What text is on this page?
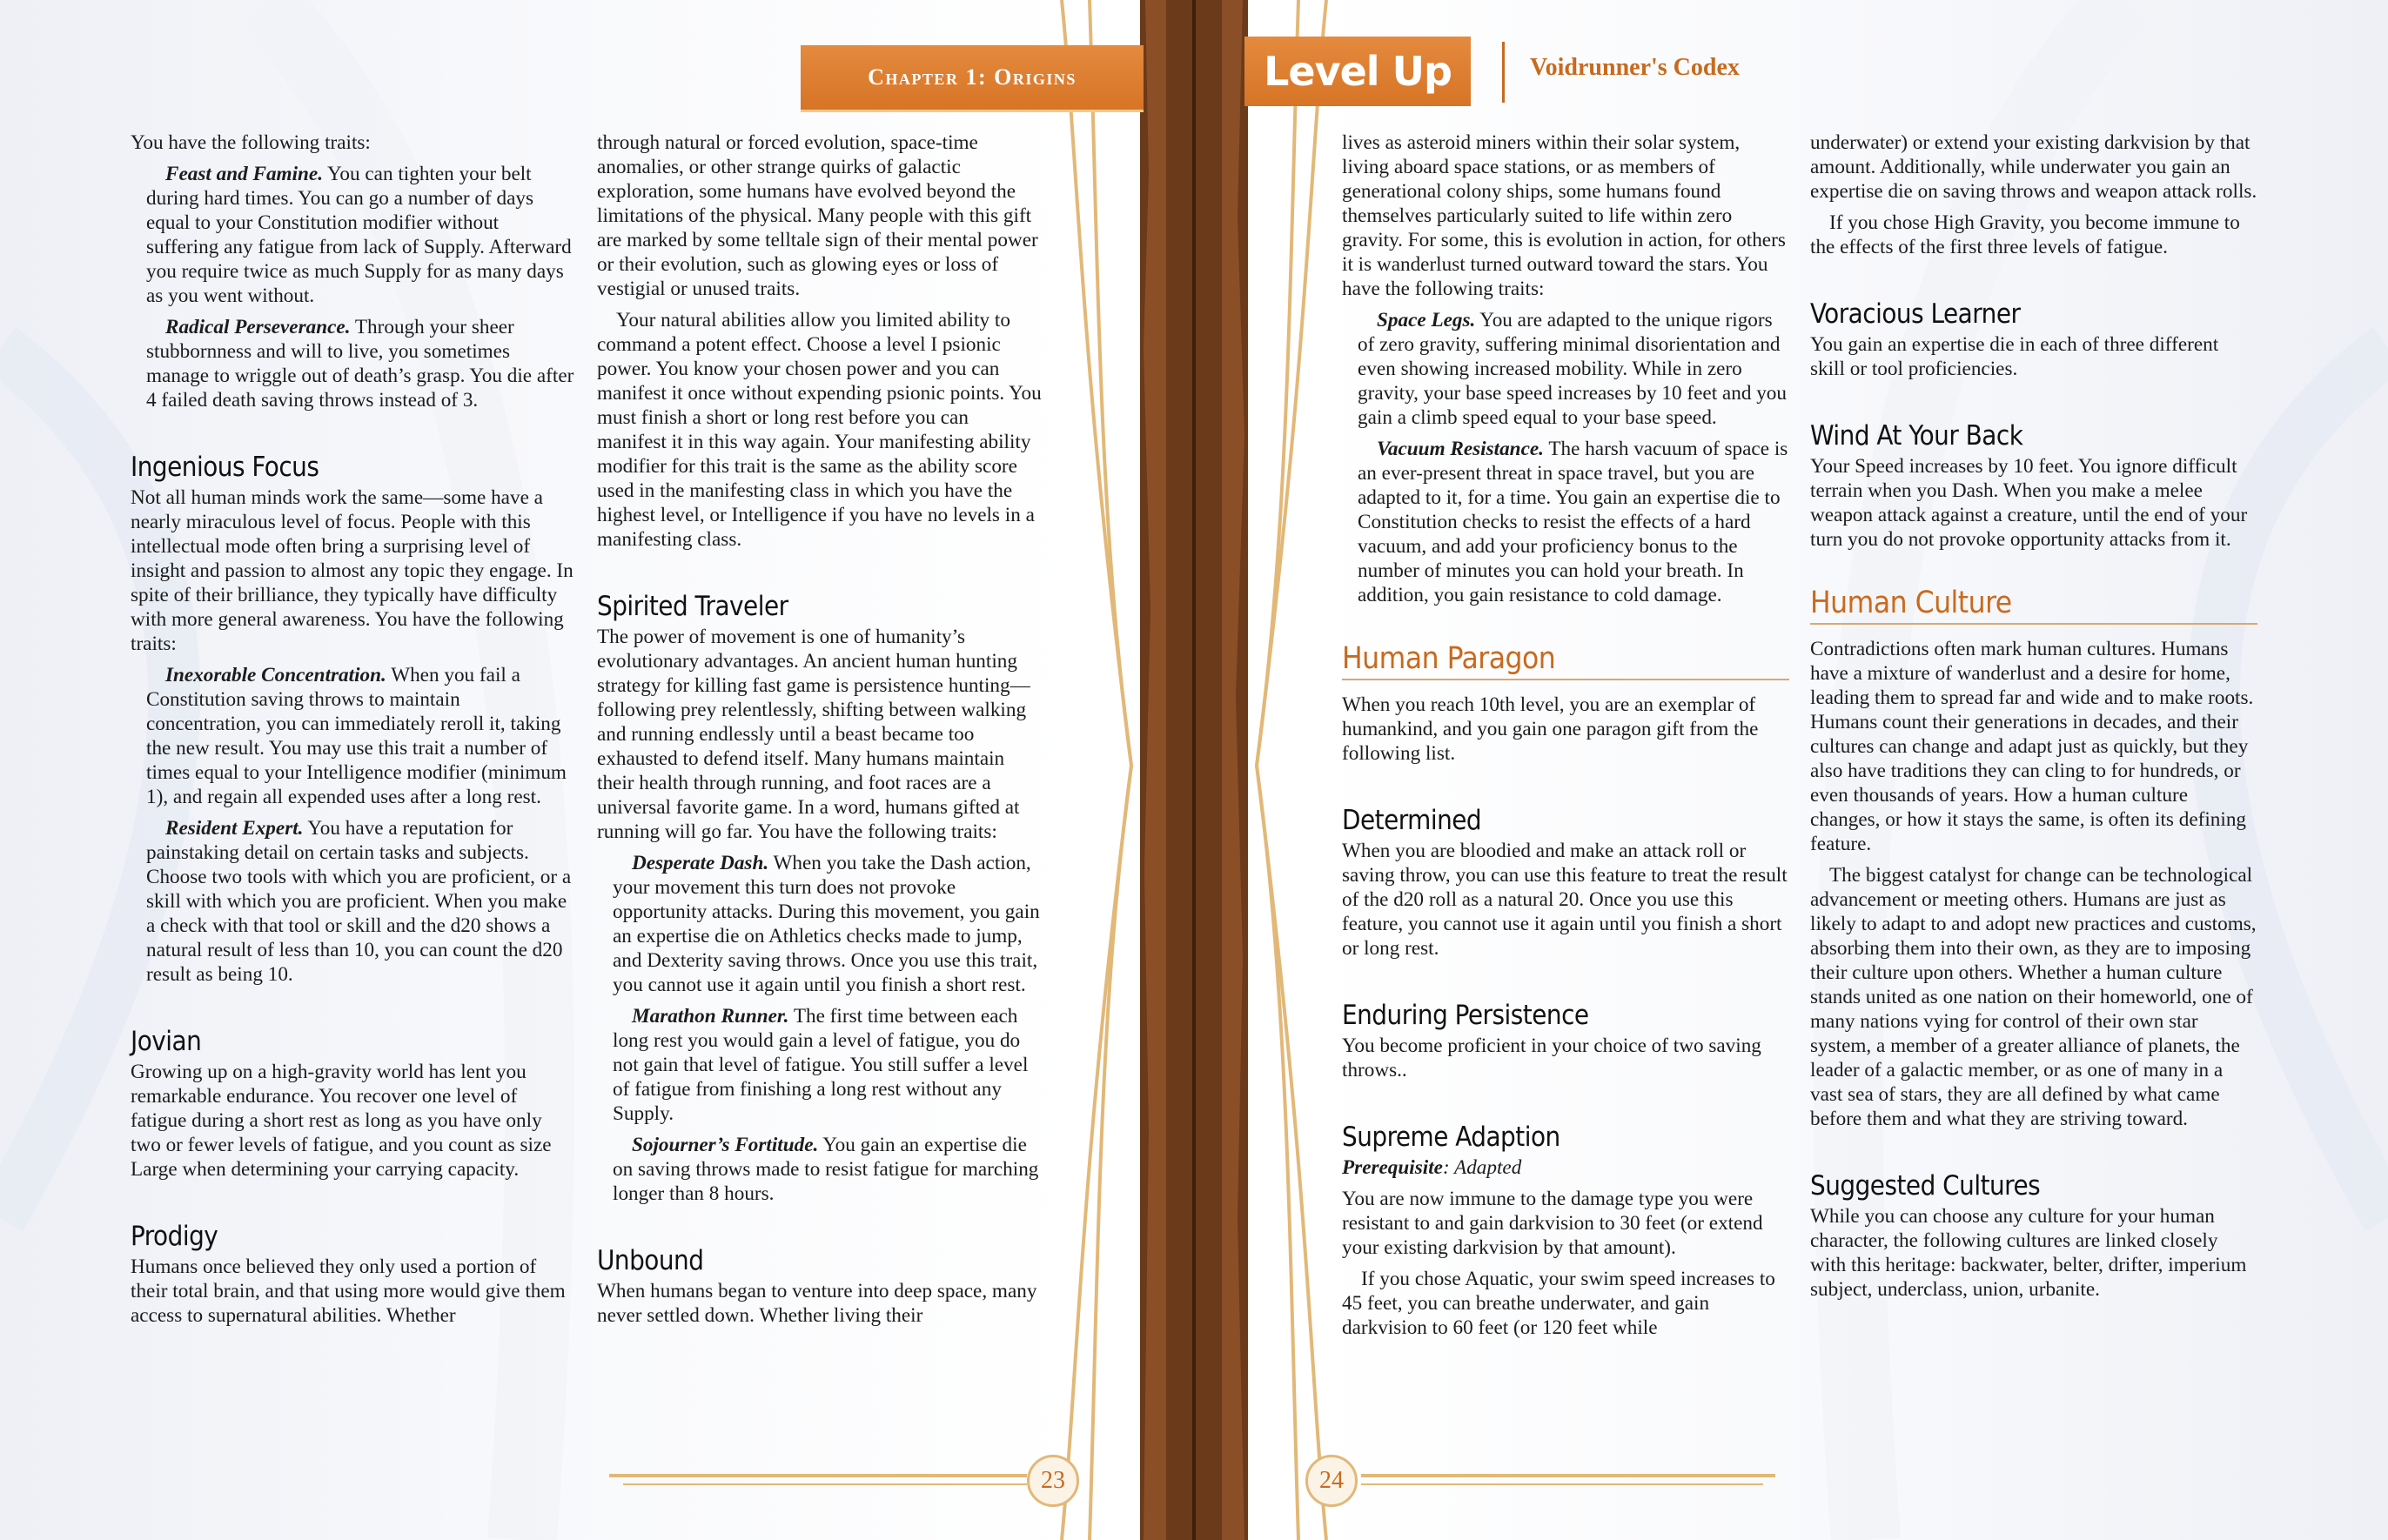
Chapter 1: Origins	Level Up	Voidrunner's Codex

You have the following traits:

Feast and Famine. You can tighten your belt during hard times. You can go a number of days equal to your Constitution modifier without suffering any fatigue from lack of Supply. Afterward you require twice as much Supply for as many days as you went without.

Radical Perseverance. Through your sheer stubbornness and will to live, you sometimes manage to wriggle out of death’s grasp. You die after 4 failed death saving throws instead of 3.

Ingenious Focus

Not all human minds work the same—some have a nearly miraculous level of focus. People with this intellectual mode often bring a surprising level of insight and passion to almost any topic they engage. In spite of their brilliance, they typically have difficulty with more general awareness. You have the following traits:

Inexorable Concentration. When you fail a Constitution saving throws to maintain concentration, you can immediately reroll it, taking the new result. You may use this trait a number of times equal to your Intelligence modifier (minimum 1), and regain all expended uses after a long rest.

Resident Expert. You have a reputation for painstaking detail on certain tasks and subjects. Choose two tools with which you are proficient, or a skill with which you are proficient. When you make a check with that tool or skill and the d20 shows a natural result of less than 10, you can count the d20 result as being 10.

Jovian

Growing up on a high-gravity world has lent you remarkable endurance. You recover one level of fatigue during a short rest as long as you have only two or fewer levels of fatigue, and you count as size Large when determining your carrying capacity.

Prodigy

Humans once believed they only used a portion of their total brain, and that using more would give them access to supernatural abilities. Whether

through natural or forced evolution, space-time anomalies, or other strange quirks of galactic exploration, some humans have evolved beyond the limitations of the physical. Many people with this gift are marked by some telltale sign of their mental power or their evolution, such as glowing eyes or loss of vestigial or unused traits.

Your natural abilities allow you limited ability to command a potent effect. Choose a level I psionic power. You know your chosen power and you can manifest it once without expending psionic points. You must finish a short or long rest before you can manifest it in this way again. Your manifesting ability modifier for this trait is the same as the ability score used in the manifesting class in which you have the highest level, or Intelligence if you have no levels in a manifesting class.

Spirited Traveler

The power of movement is one of humanity’s evolutionary advantages. An ancient human hunting strategy for killing fast game is persistence hunting—following prey relentlessly, shifting between walking and running endlessly until a beast became too exhausted to defend itself. Many humans maintain their health through running, and foot races are a universal favorite game. In a word, humans gifted at running will go far. You have the following traits:

Desperate Dash. When you take the Dash action, your movement this turn does not provoke opportunity attacks. During this movement, you gain an expertise die on Athletics checks made to jump, and Dexterity saving throws. Once you use this trait, you cannot use it again until you finish a short rest.

Marathon Runner. The first time between each long rest you would gain a level of fatigue, you do not gain that level of fatigue. You still suffer a level of fatigue from finishing a long rest without any Supply.

Sojourner’s Fortitude. You gain an expertise die on saving throws made to resist fatigue for marching longer than 8 hours.

Unbound

When humans began to venture into deep space, many never settled down. Whether living their

lives as asteroid miners within their solar system, living aboard space stations, or as members of generational colony ships, some humans found themselves particularly suited to life within zero gravity. For some, this is evolution in action, for others it is wanderlust turned outward toward the stars. You have the following traits:

Space Legs. You are adapted to the unique rigors of zero gravity, suffering minimal disorientation and even showing increased mobility. While in zero gravity, your base speed increases by 10 feet and you gain a climb speed equal to your base speed.

Vacuum Resistance. The harsh vacuum of space is an ever-present threat in space travel, but you are adapted to it, for a time. You gain an expertise die to Constitution checks to resist the effects of a hard vacuum, and add your proficiency bonus to the number of minutes you can hold your breath. In addition, you gain resistance to cold damage.

Human Paragon

When you reach 10th level, you are an exemplar of humankind, and you gain one paragon gift from the following list.

Determined

When you are bloodied and make an attack roll or saving throw, you can use this feature to treat the result of the d20 roll as a natural 20. Once you use this feature, you cannot use it again until you finish a short or long rest.

Enduring Persistence

You become proficient in your choice of two saving throws..

Supreme Adaption

Prerequisite: Adapted

You are now immune to the damage type you were resistant to and gain darkvision to 30 feet (or extend your existing darkvision by that amount).

If you chose Aquatic, your swim speed increases to 45 feet, you can breathe underwater, and gain darkvision to 60 feet (or 120 feet while

underwater) or extend your existing darkvision by that amount. Additionally, while underwater you gain an expertise die on saving throws and weapon attack rolls.

If you chose High Gravity, you become immune to the effects of the first three levels of fatigue.

Voracious Learner

You gain an expertise die in each of three different skill or tool proficiencies.

Wind At Your Back

Your Speed increases by 10 feet. You ignore difficult terrain when you Dash. When you make a melee weapon attack against a creature, until the end of your turn you do not provoke opportunity attacks from it.

Human Culture

Contradictions often mark human cultures. Humans have a mixture of wanderlust and a desire for home, leading them to spread far and wide and to make roots. Humans count their generations in decades, and their cultures can change and adapt just as quickly, but they also have traditions they can cling to for hundreds, or even thousands of years. How a human culture changes, or how it stays the same, is often its defining feature.

The biggest catalyst for change can be technological advancement or meeting others. Humans are just as likely to adapt to and adopt new practices and customs, absorbing them into their own, as they are to imposing their culture upon others. Whether a human culture stands united as one nation on their homeworld, one of many nations vying for control of their own star system, a member of a greater alliance of planets, the leader of a galactic member, or as one of many in a vast sea of stars, they are all defined by what came before them and what they are striving toward.

Suggested Cultures

While you can choose any culture for your human character, the following cultures are linked closely with this heritage: backwater, belter, drifter, imperium subject, underclass, union, urbanite.

23	24
